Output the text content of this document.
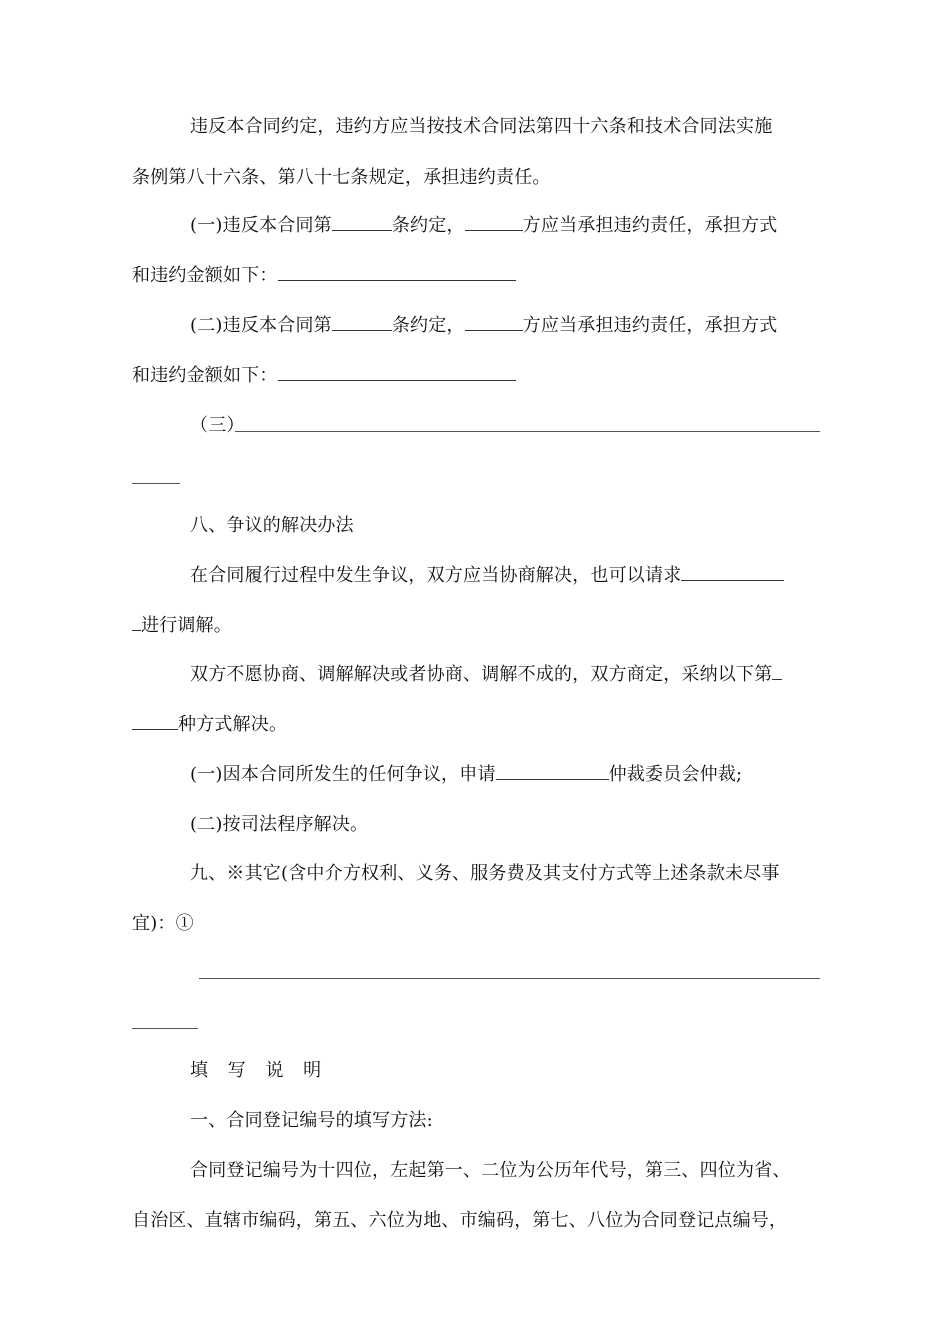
违反本合同约定，违约方应当按技术合同法第四十六条和技术合同法实施
条例第八十六条、第八十七条规定，承担违约责任。
(一)违反本合同第	条约定，	方应当承担违约责任，承担方式
和违约金额如下：
(二)违反本合同第	条约定，	方应当承担违约责任，承担方式
和违约金额如下：
（三）
八、争议的解决办法
在合同履行过程中发生争议，双方应当协商解决，也可以请求
进行调解。
双方不愿协商、调解解决或者协商、调解不成的，双方商定，采纳以下第
种方式解决。
(一)因本合同所发生的任何争议，申请	仲裁委员会仲裁;
(二)按司法程序解决。
九、※其它(含中介方权利、义务、服务费及其支付方式等上述条款未尽事
宜)：①
填 写 说 明
一、合同登记编号的填写方法:
合同登记编号为十四位，左起第一、二位为公历年代号，第三、四位为省、
自治区、直辖市编码，第五、六位为地、市编码，第七、八位为合同登记点编号，
